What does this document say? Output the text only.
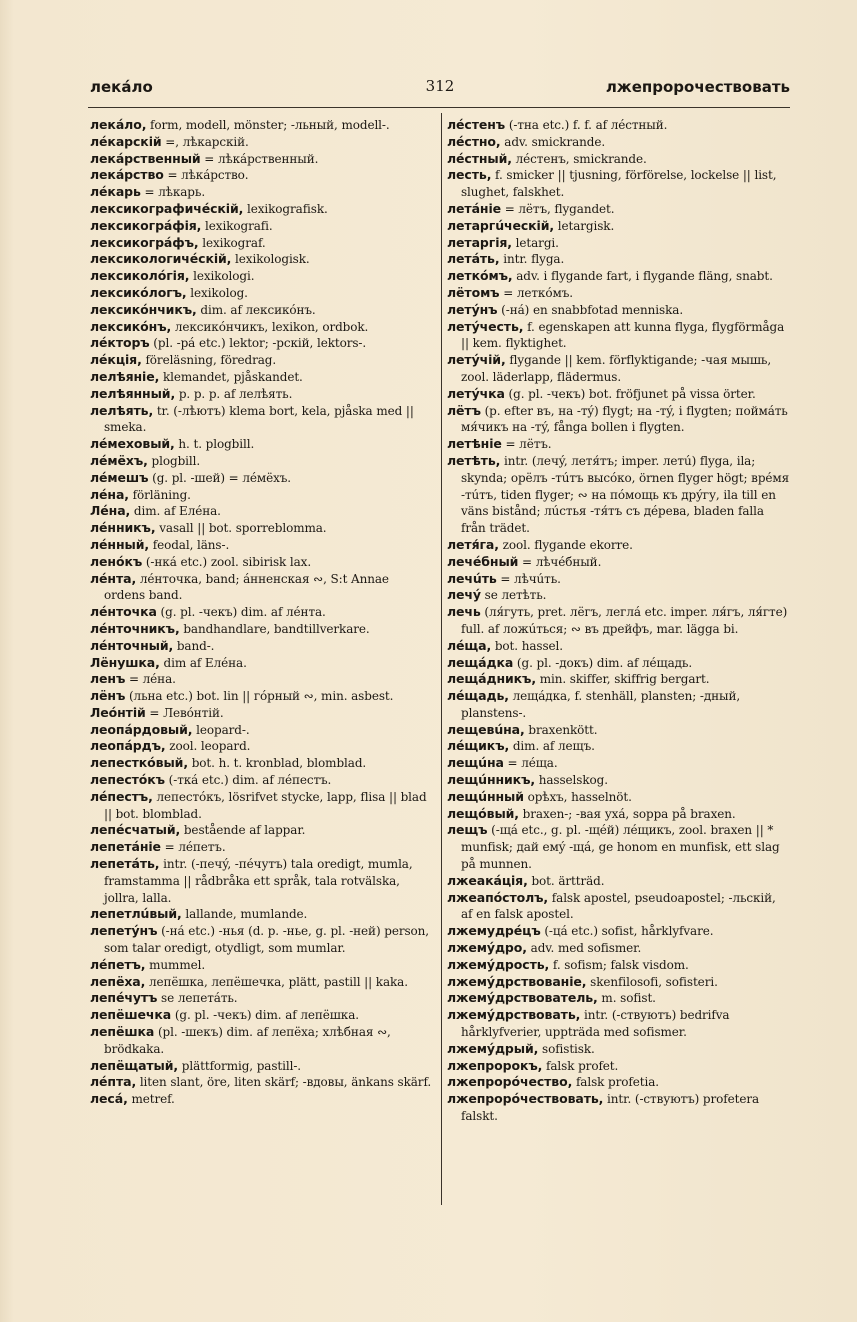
лекáло	312	лжепророчествовать

лекáло, form, modell, mönster; -льный, modell-.

лéкарскій =, лѣкарскій.

лекáрственный = лѣкáрственный.

лекáрство = лѣкáрство.

лéкарь = лѣкарь.

лексикографичéскій, lexikografisk.

лексикогрáфія, lexikografi.

лексикогрáфъ, lexikograf.

лексикологичéскій, lexikologisk.

лексиколóгія, lexikologi.

лексикóлогъ, lexikolog.

лексикóнчикъ, dim. af лексикóнъ.

лексикóнъ, лексикóнчикъ, lexikon, ordbok.

лéкторъ (pl. -рá etc.) lektor; -рскій, lektors-.

лéкція, föreläsning, föredrag.

лелѣяніе, klemandet, pjåskandet.

лелѣянный, p. p. p. af лелѣять.

лелѣять, tr. (-лѣютъ) klema bort, kela, pjåska med || smeka.

лéмеховый, h. t. plogbill.

лéмёхъ, plogbill.

лéмешъ (g. pl. -шей) = лéмёхъ.

лéна, förläning.

Лéна, dim. af Елéна.

лéнникъ, vasall || bot. sporreblomma.

лéнный, feodal, läns-.

ленóкъ (-нкá etc.) zool. sibirisk lax.

лéнта, лéнточка, band; áнненская ∾, S:t Annae ordens band.

лéнточка (g. pl. -чекъ) dim. af лéнта.

лéнточникъ, bandhandlare, bandtillverkare.

лéнточный, band-.

Лёнушка, dim af Елéна.

ленъ = лéна.

лёнъ (льна etc.) bot. lin || гóрный ∾, min. asbest.

Леóнтій = Левóнтій.

леопáрдовый, leopard-.

леопáрдъ, zool. leopard.

лепесткóвый, bot. h. t. kronblad, blomblad.

лепестóкъ (-ткá etc.) dim. af лéпестъ.

лéпестъ, лепестóкъ, lösrifvet stycke, lapp, flisa || blad || bot. blomblad.

лепéсчатый, bestående af lappar.

лепетáніе = лéпетъ.

лепетáть, intr. (-печý, -пéчутъ) tala oredigt, mumla, framstamma || rådbråka ett språk, tala rotvälska, jollra, lalla.

лепетлúвый, lallande, mumlande.

лепетýнъ (-нá etc.) -нья (d. p. -нье, g. pl. -ней) person, som talar oredigt, otydligt, som mumlar.

лéпетъ, mummel.

лепёха, лепёшка, лепёшечка, plätt, pastill || kaka.

лепéчутъ se лепетáть.

лепёшечка (g. pl. -чекъ) dim. af лепёшка.

лепёшка (pl. -шекъ) dim. af лепёха; хлѣбная ∾, brödkaka.

лепёщатый, plättformig, pastill-.

лéпта, liten slant, öre, liten skärf; -вдовы, änkans skärf.

лесá, metref.

лéстенъ (-тна etc.) f. f. af лéстный.

лéстно, adv. smickrande.

лéстный, лéстенъ, smickrande.

лесть, f. smicker || tjusning, förförelse, lockelse || list, slughet, falskhet.

летáніе = лётъ, flygandet.

летаргúческій, letargisk.

летаргія, letargi.

летáть, intr. flyga.

леткóмъ, adv. i flygande fart, i flygande fläng, snabt.

лётомъ = леткóмъ.

летýнъ (-нá) en snabbfotad menniska.

летýчесть, f. egenskapen att kunna flyga, flygförmåga || kem. flyktighet.

летýчій, flygande || kem. förflyktigande; -чая мышь, zool. läderlapp, flädermus.

летýчка (g. pl. -чекъ) bot. fröfjunet på vissa örter.

лётъ (p. efter въ, на -тý) flygt; на -тý, i flygten; поймáть мя́чикъ на -тý, fånga bollen i flygten.

летѣніе = лётъ.

летѣть, intr. (лечý, летя́тъ; imper. летú) flyga, ila; skynda; орёлъ -тúтъ высóко, örnen flyger högt; врéмя -тúтъ, tiden flyger; ∾ на пóмощь къ дрýгу, ila till en väns bistånd; лúстья -тя́тъ съ дéрева, bladen falla från trädet.

летя́га, zool. flygande ekorre.

лечéбный = лѣчéбный.

лечúть = лѣчúть.

лечý se летѣть.

лечь (ля́гуть, pret. лёгъ, леглá etc. imper. ля́гъ, ля́гте) full. af ложúться; ∾ въ дрейфъ, mar. lägga bi.

лéща, bot. hassel.

лещáдка (g. pl. -докъ) dim. af лéщадь.

лещáдникъ, min. skiffer, skiffrig bergart.

лéщадь, лещáдка, f. stenhäll, plansten; -дный, planstens-.

лещевúна, braxenkött.

лéщикъ, dim. af лещъ.

лещúна = лéща.

лещúнникъ, hasselskog.

лещúнный орѣхъ, hasselnöt.

лещóвый, braxen-; -вая ухá, soppa på braxen.

лещъ (-щá etc., g. pl. -щéй) лéщикъ, zool. braxen || * munfisk; дай емý -щá, ge honom en munfisk, ett slag på munnen.

лжеакáція, bot. ärtträd.

лжеапóстолъ, falsk apostel, pseudoapostel; -льскій, af en falsk apostel.

лжемудрéцъ (-цá etc.) sofist, hårklyfvare.

лжемýдро, adv. med sofismer.

лжемýдрость, f. sofism; falsk visdom.

лжемýдрствованіе, skenfilosofi, sofisteri.

лжемýдрствователь, m. sofist.

лжемýдрствовать, intr. (-ствуютъ) bedrifva hårklyfverier, uppträda med sofismer.

лжемýдрый, sofistisk.

лжепророкъ, falsk profet.

лжепрорóчество, falsk profetia.

лжепрорóчествовать, intr. (-ствуютъ) profetera falskt.
